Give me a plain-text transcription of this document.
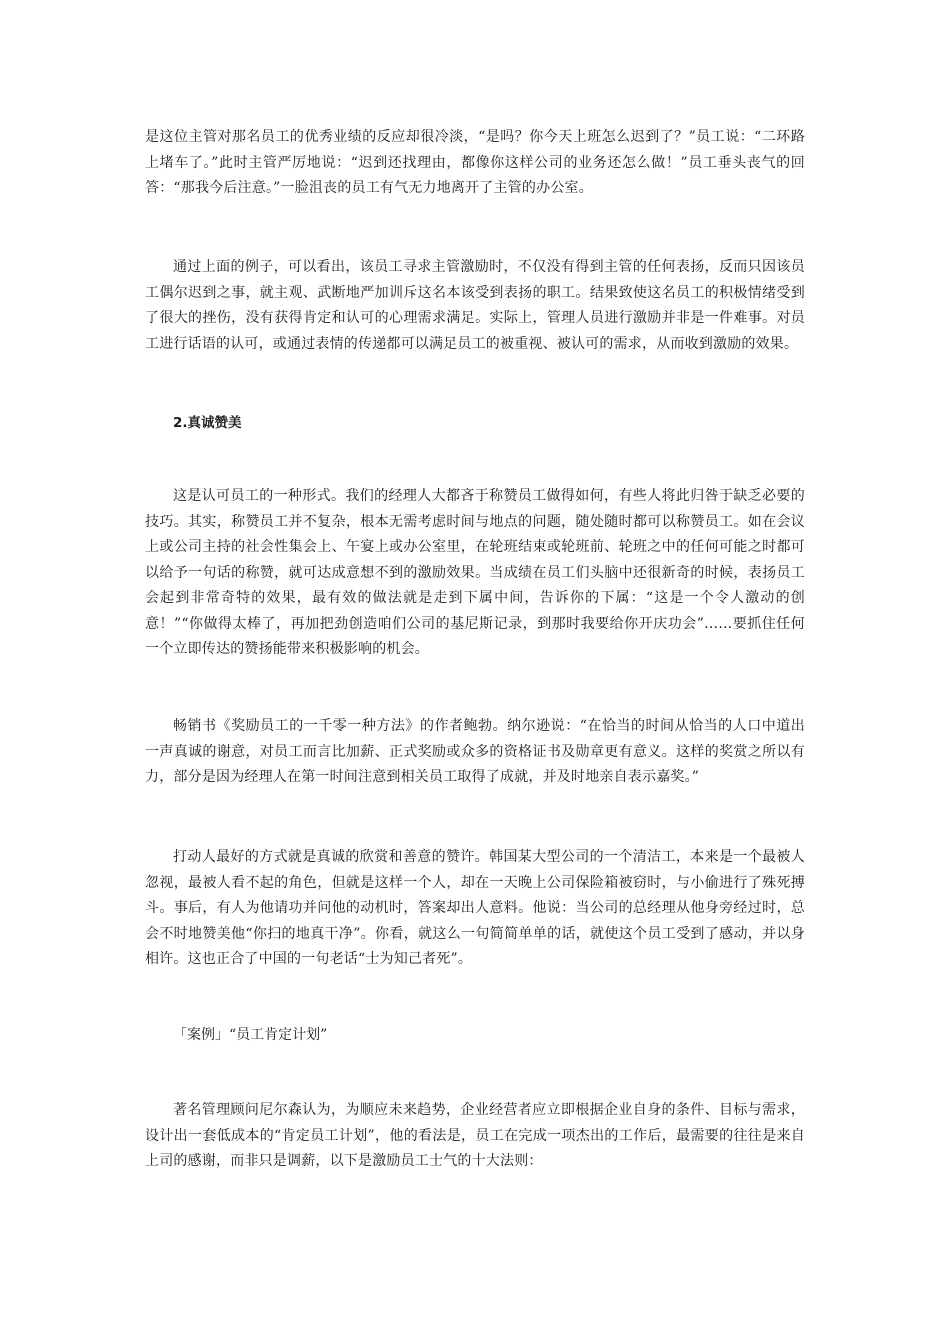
是这位主管对那名员工的优秀业绩的反应却很冷淡，“是吗？你今天上班怎么迟到了？”员工说：“二环路上堵车了。”此时主管严厉地说：“迟到还找理由，都像你这样公司的业务还怎么做！”员工垂头丧气的回答：“那我今后注意。”一脸沮丧的员工有气无力地离开了主管的办公室。

通过上面的例子，可以看出，该员工寻求主管激励时，不仅没有得到主管的任何表扬，反而只因该员工偶尔迟到之事，就主观、武断地严加训斥这名本该受到表扬的职工。结果致使这名员工的积极情绪受到了很大的挫伤，没有获得肯定和认可的心理需求满足。实际上，管理人员进行激励并非是一件难事。对员工进行话语的认可，或通过表情的传递都可以满足员工的被重视、被认可的需求，从而收到激励的效果。

2.真诚赞美

这是认可员工的一种形式。我们的经理人大都吝于称赞员工做得如何，有些人将此归咎于缺乏必要的技巧。其实，称赞员工并不复杂，根本无需考虑时间与地点的问题，随处随时都可以称赞员工。如在会议上或公司主持的社会性集会上、午宴上或办公室里，在轮班结束或轮班前、轮班之中的任何可能之时都可以给予一句话的称赞，就可达成意想不到的激励效果。当成绩在员工们头脑中还很新奇的时候，表扬员工会起到非常奇特的效果，最有效的做法就是走到下属中间，告诉你的下属：“这是一个令人激动的创意！”“你做得太棒了，再加把劲创造咱们公司的基尼斯记录，到那时我要给你开庆功会”……要抓住任何一个立即传达的赞扬能带来积极影响的机会。

畅销书《奖励员工的一千零一种方法》的作者鲍勃。纳尔逊说：“在恰当的时间从恰当的人口中道出一声真诚的谢意，对员工而言比加薪、正式奖励或众多的资格证书及勋章更有意义。这样的奖赏之所以有力，部分是因为经理人在第一时间注意到相关员工取得了成就，并及时地亲自表示嘉奖。”

打动人最好的方式就是真诚的欣赏和善意的赞许。韩国某大型公司的一个清洁工，本来是一个最被人忽视，最被人看不起的角色，但就是这样一个人，却在一天晚上公司保险箱被窃时，与小偷进行了殊死搏斗。事后，有人为他请功并问他的动机时，答案却出人意料。他说：当公司的总经理从他身旁经过时，总会不时地赞美他“你扫的地真干净”。你看，就这么一句简简单单的话，就使这个员工受到了感动，并以身相许。这也正合了中国的一句老话“士为知己者死”。

「案例」“员工肯定计划”

著名管理顾问尼尔森认为，为顺应未来趋势，企业经营者应立即根据企业自身的条件、目标与需求，设计出一套低成本的“肯定员工计划”，他的看法是，员工在完成一项杰出的工作后，最需要的往往是来自上司的感谢，而非只是调薪，以下是激励员工士气的十大法则：
